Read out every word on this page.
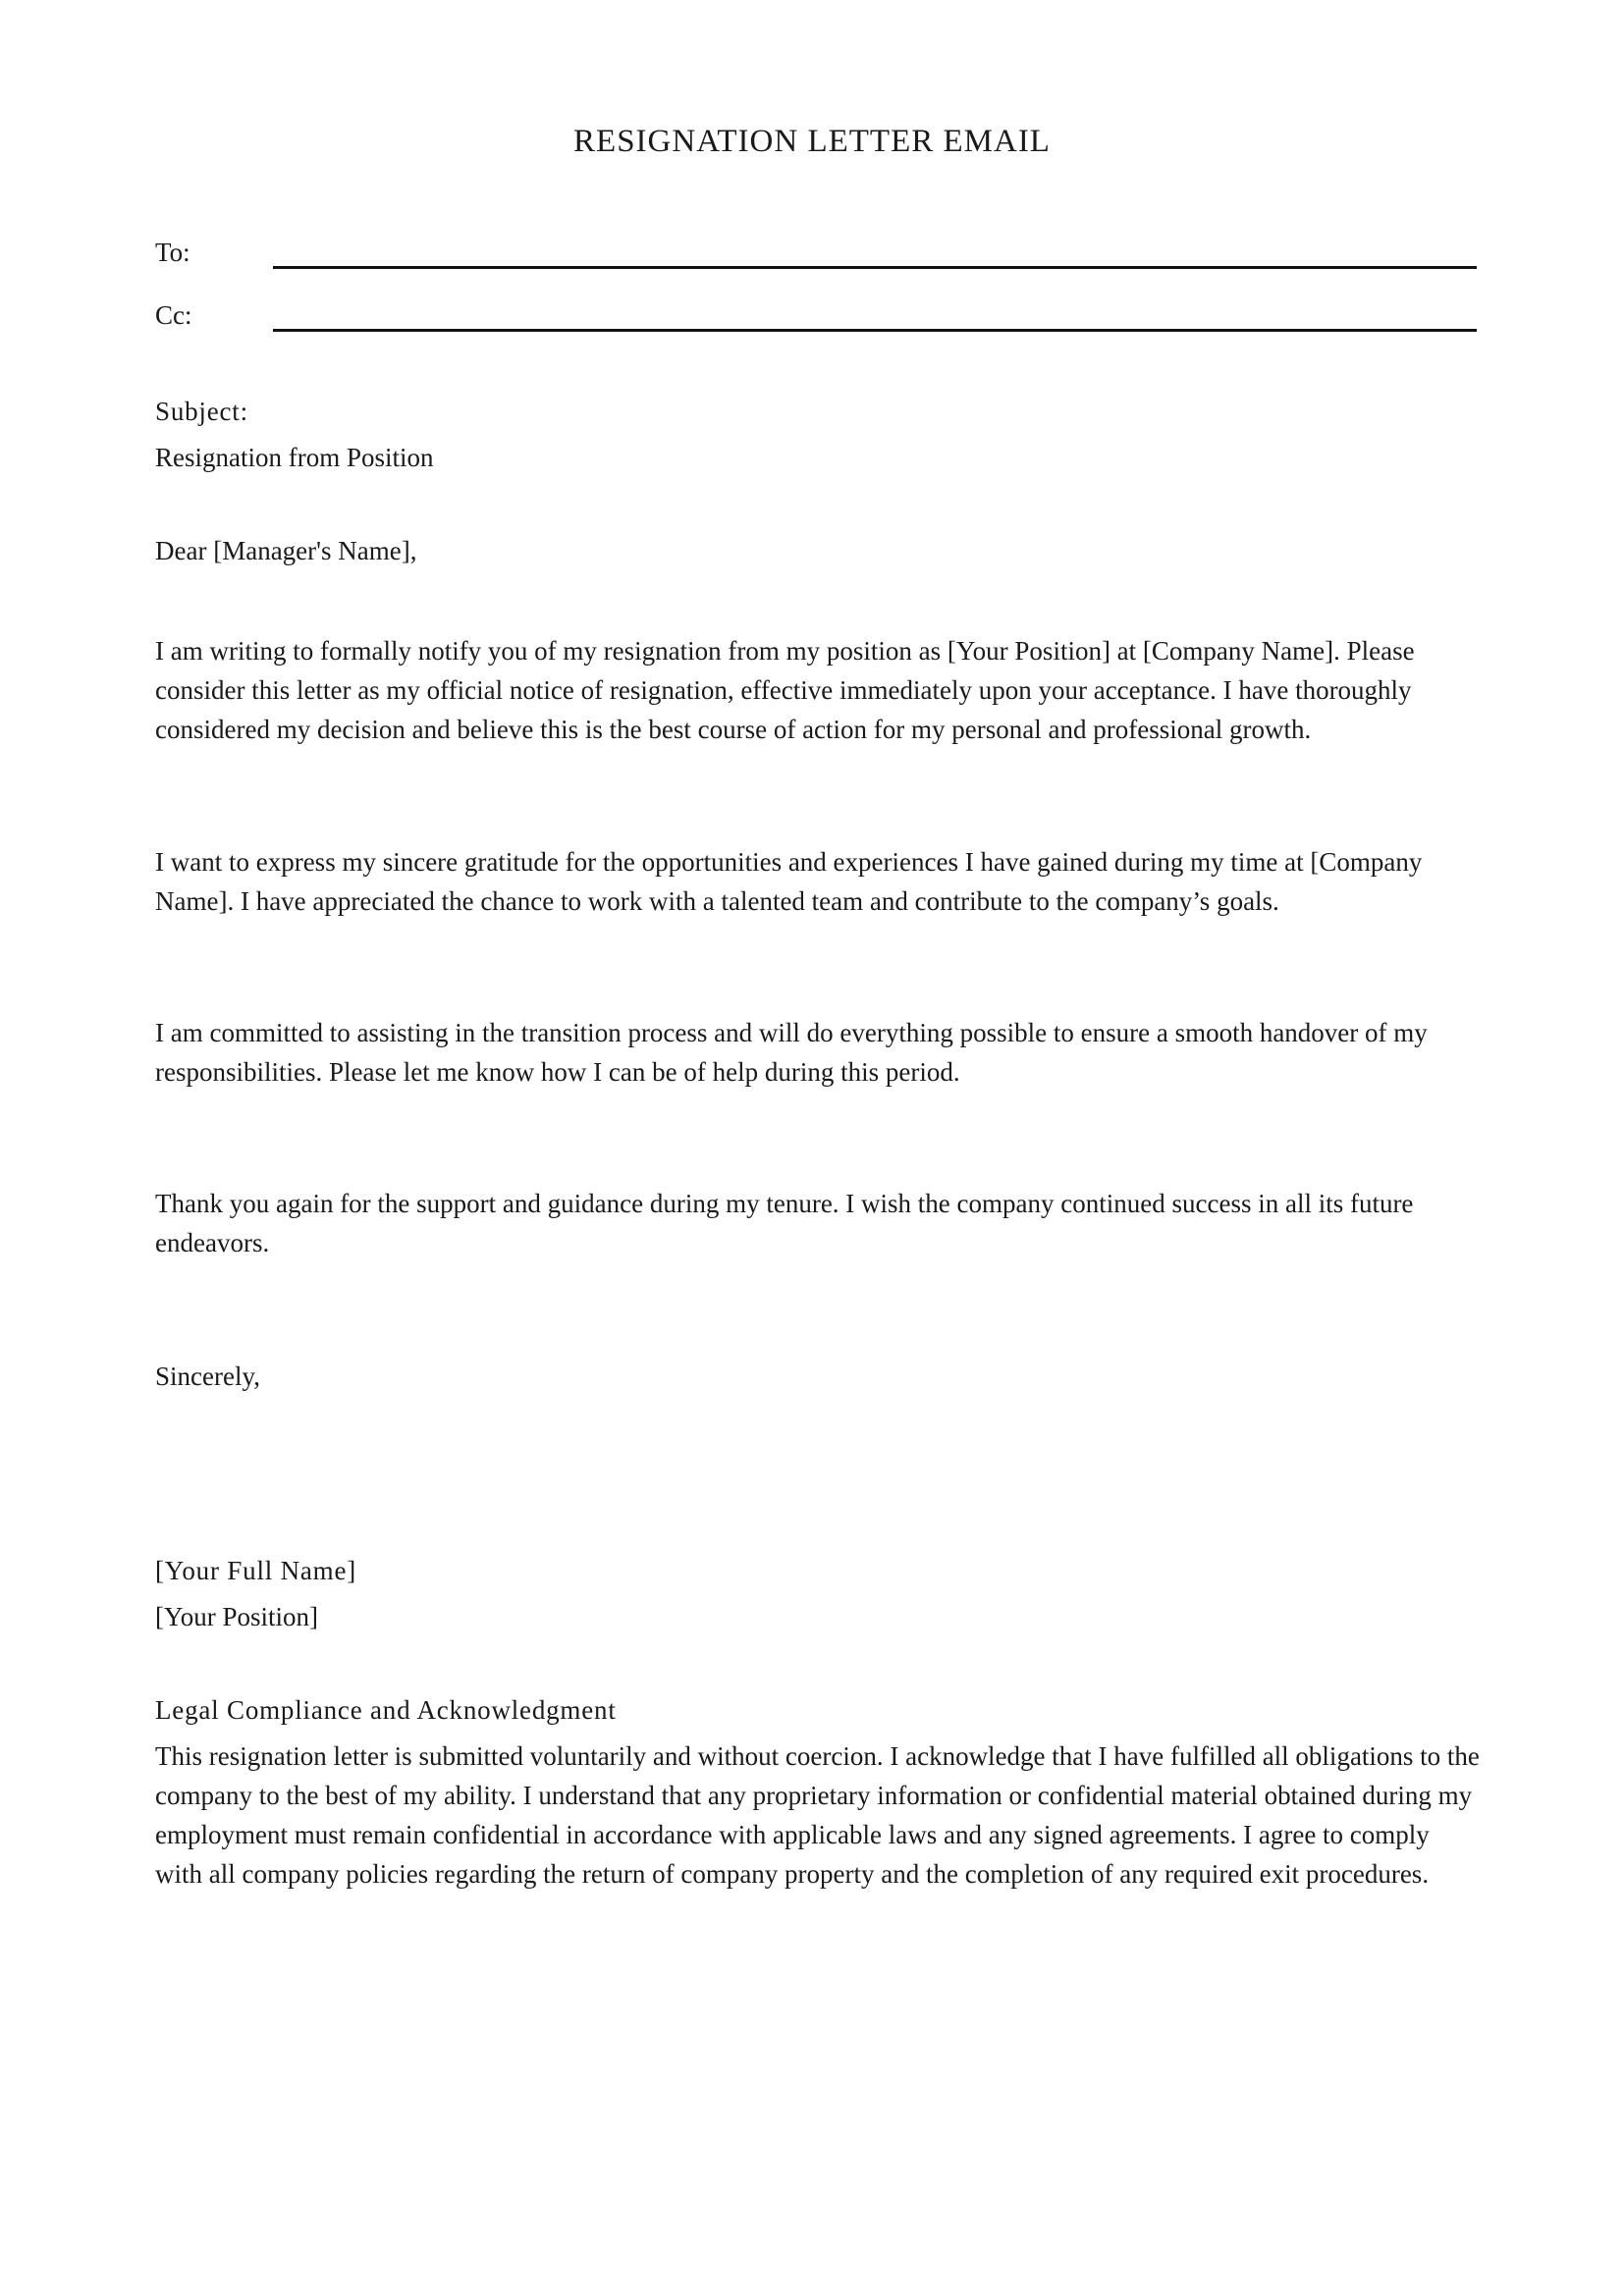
RESIGNATION LETTER EMAIL
To:
Cc:

Subject:

Resignation from Position

Dear [Manager's Name],

I am writing to formally notify you of my resignation from my position as [Your Position] at [Company Name]. Please consider this letter as my official notice of resignation, effective immediately upon your acceptance. I have thoroughly considered my decision and believe this is the best course of action for my personal and professional growth.

I want to express my sincere gratitude for the opportunities and experiences I have gained during my time at [Company Name]. I have appreciated the chance to work with a talented team and contribute to the company’s goals.

I am committed to assisting in the transition process and will do everything possible to ensure a smooth handover of my responsibilities. Please let me know how I can be of help during this period.

Thank you again for the support and guidance during my tenure. I wish the company continued success in all its future endeavors.

Sincerely,

[Your Full Name]

[Your Position]

Legal Compliance and Acknowledgment

This resignation letter is submitted voluntarily and without coercion. I acknowledge that I have fulfilled all obligations to the company to the best of my ability. I understand that any proprietary information or confidential material obtained during my employment must remain confidential in accordance with applicable laws and any signed agreements. I agree to comply with all company policies regarding the return of company property and the completion of any required exit procedures.
